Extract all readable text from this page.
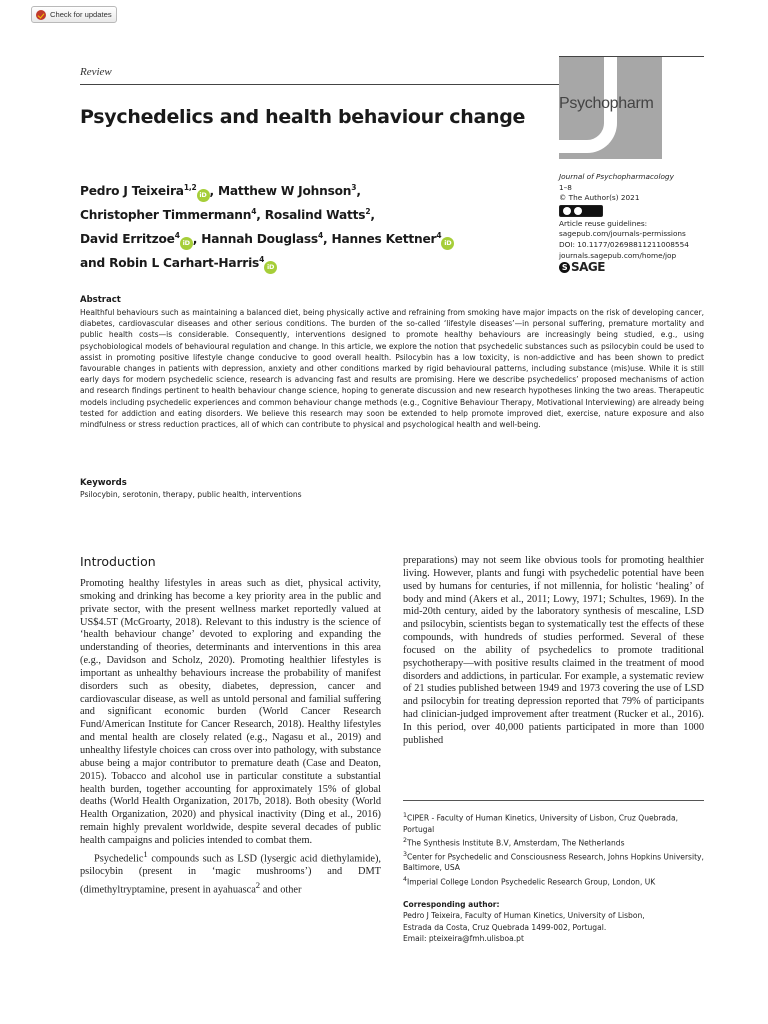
Check for updates
Review
Psychopharm
Psychedelics and health behaviour change
Pedro J Teixeira$^{1,2}$iD , Matthew W Johnson$^3$,
Christopher Timmermann$^4$, Rosalind Watts$^2$,
David Erritzoe$^4$iD , Hannah Douglass$^4$, Hannes Kettner$^4$iD
and Robin L Carhart-Harris$^4$iD
Journal of Psychopharmacology
1–8
© The Author(s) 2021
Article reuse guidelines:
sagepub.com/journals-permissions
DOI: 10.1177/02698811211008554
journals.sagepub.com/home/jop
S SAGE
Abstract
Healthful behaviours such as maintaining a balanced diet, being physically active and refraining from smoking have major impacts on the risk of developing cancer, diabetes, cardiovascular diseases and other serious conditions. The burden of the so-called ‘lifestyle diseases’—in personal suffering, premature mortality and public health costs—is considerable. Consequently, interventions designed to promote healthy behaviours are increasingly being studied, e.g., using psychobiological models of behavioural regulation and change. In this article, we explore the notion that psychedelic substances such as psilocybin could be used to assist in promoting positive lifestyle change conducive to good overall health. Psilocybin has a low toxicity, is non-addictive and has been shown to predict favourable changes in patients with depression, anxiety and other conditions marked by rigid behavioural patterns, including substance (mis)use. While it is still early days for modern psychedelic science, research is advancing fast and results are promising. Here we describe psychedelics’ proposed mechanisms of action and research findings pertinent to health behaviour change science, hoping to generate discussion and new research hypotheses linking the two areas. Therapeutic models including psychedelic experiences and common behaviour change methods (e.g., Cognitive Behaviour Therapy, Motivational Interviewing) are already being tested for addiction and eating disorders. We believe this research may soon be extended to help promote improved diet, exercise, nature exposure and also mindfulness or stress reduction practices, all of which can contribute to physical and psychological health and well-being.
Keywords
Psilocybin, serotonin, therapy, public health, interventions
Introduction

Promoting healthy lifestyles in areas such as diet, physical activity, smoking and drinking has become a key priority area in the public and private sector, with the present wellness market reportedly valued at US$4.5T (McGroarty, 2018). Relevant to this industry is the science of ‘health behaviour change’ devoted to exploring and expanding the understanding of theories, determinants and interventions in this area (e.g., Davidson and Scholz, 2020). Promoting healthier lifestyles is important as unhealthy behaviours increase the probability of manifest disorders such as obesity, diabetes, depression, cancer and cardiovascular disease, as well as untold personal and familial suffering and significant economic burden (World Cancer Research Fund/American Institute for Cancer Research, 2018). Healthy lifestyles and mental health are closely related (e.g., Nagasu et al., 2019) and unhealthy lifestyle choices can cross over into pathology, with substance abuse being a major contributor to premature death (Case and Deaton, 2015). Tobacco and alcohol use in particular constitute a substantial health burden, together accounting for approximately 15% of global deaths (World Health Organization, 2017b, 2018). Both obesity (World Health Organization, 2020) and physical inactivity (Ding et al., 2016) remain highly prevalent worldwide, despite several decades of public health campaigns and policies intended to combat them.

Psychedelic$^1$ compounds such as LSD (lysergic acid diethylamide), psilocybin (present in ‘magic mushrooms’) and DMT (dimethyltryptamine, present in ayahuasca$^2$ and other

preparations) may not seem like obvious tools for promoting healthier living. However, plants and fungi with psychedelic potential have been used by humans for centuries, if not millennia, for holistic ‘healing’ of body and mind (Akers et al., 2011; Lowy, 1971; Schultes, 1969). In the mid-20th century, aided by the laboratory synthesis of mescaline, LSD and psilocybin, scientists began to systematically test the effects of these compounds, with hundreds of studies performed. Several of these focused on the ability of psychedelics to promote traditional psychotherapy—with positive results claimed in the treatment of mood disorders and addictions, in particular. For example, a systematic review of 21 studies published between 1949 and 1973 covering the use of LSD and psilocybin for treating depression reported that 79% of participants had clinician-judged improvement after treatment (Rucker et al., 2016). In this period, over 40,000 patients participated in more than 1000 published

$^1$CIPER - Faculty of Human Kinetics, University of Lisbon, Cruz Quebrada, Portugal
$^2$The Synthesis Institute B.V, Amsterdam, The Netherlands
$^3$Center for Psychedelic and Consciousness Research, Johns Hopkins University, Baltimore, USA
$^4$Imperial College London Psychedelic Research Group, London, UK
Corresponding author:
Pedro J Teixeira, Faculty of Human Kinetics, University of Lisbon,
Estrada da Costa, Cruz Quebrada 1499-002, Portugal.
Email: pteixeira@fmh.ulisboa.pt
